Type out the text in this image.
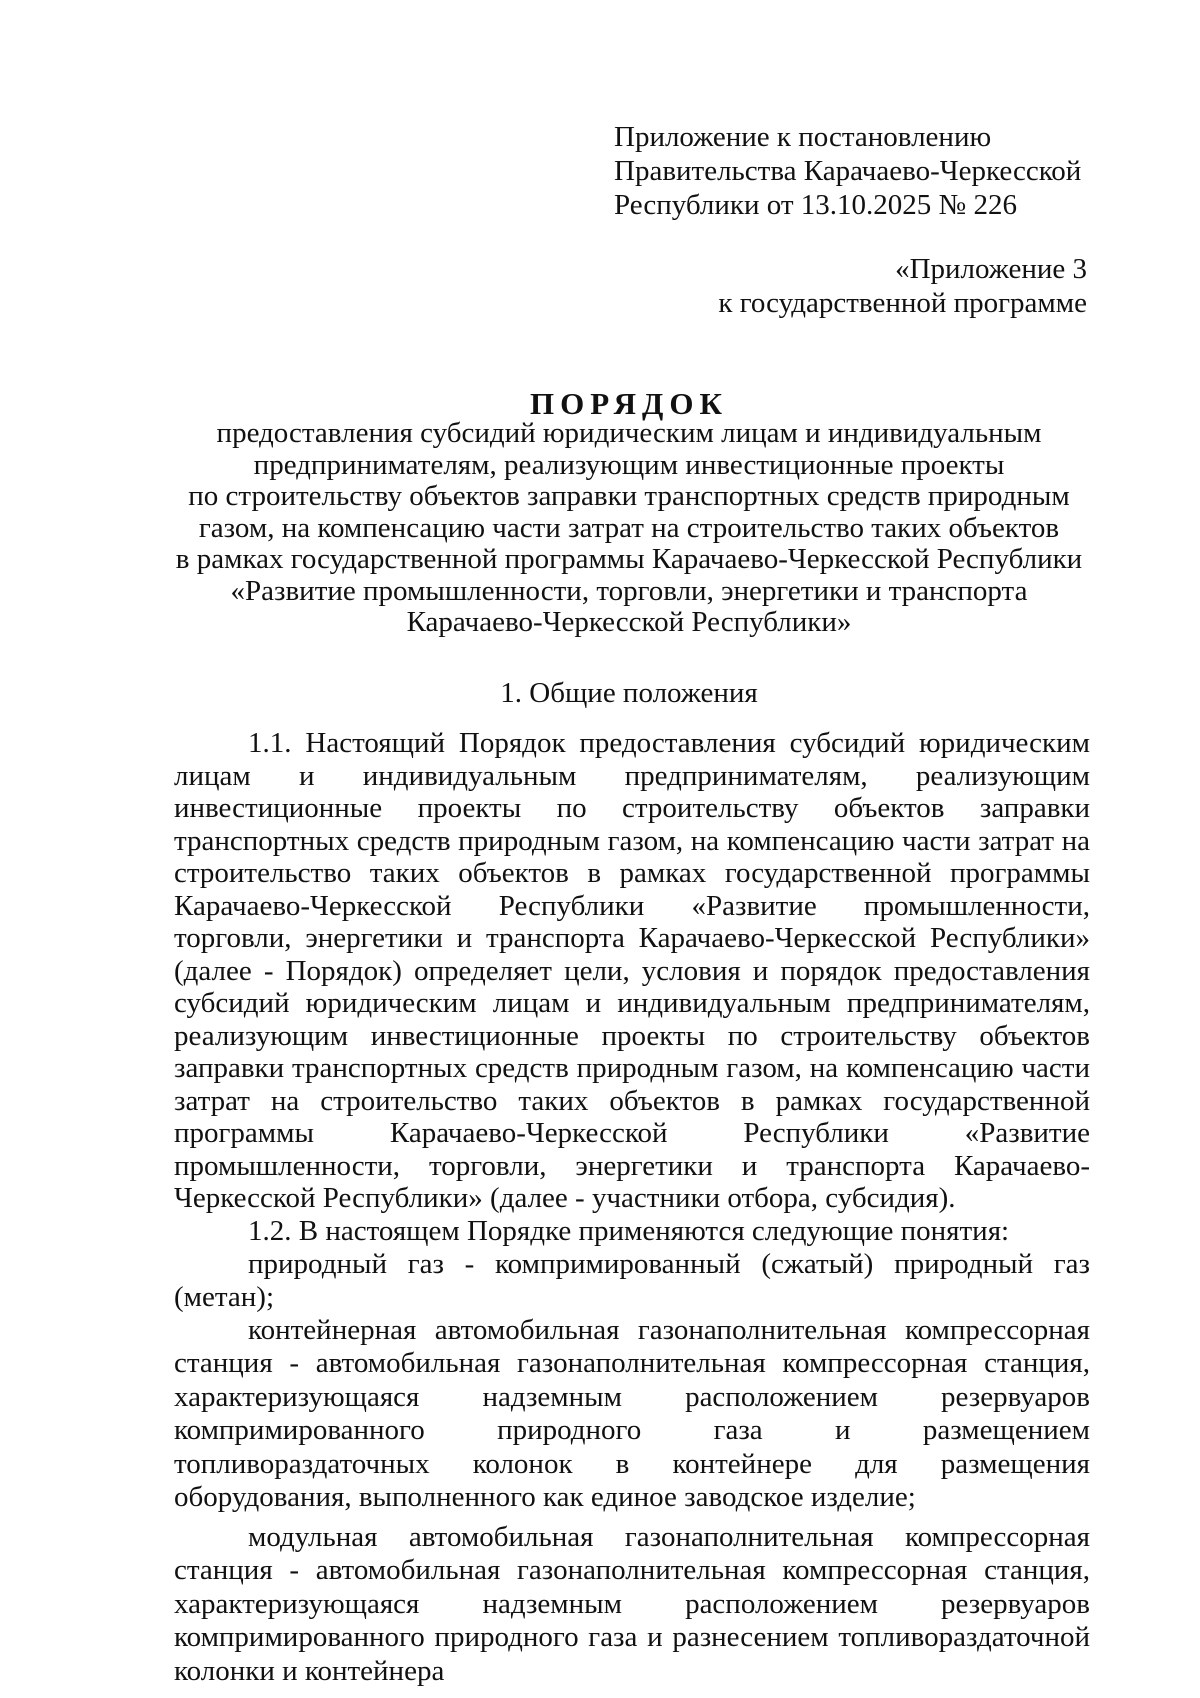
Приложение к постановлению
Правительства Карачаево-Черкесской
Республики от 13.10.2025 № 226
«Приложение 3
к государственной программе
ПОРЯДОК
предоставления субсидий юридическим лицам и индивидуальным
предпринимателям, реализующим инвестиционные проекты
по строительству объектов заправки транспортных средств природным
газом, на компенсацию части затрат на строительство таких объектов
в рамках государственной программы Карачаево-Черкесской Республики
«Развитие промышленности, торговли, энергетики и транспорта
Карачаево-Черкесской Республики»
1. Общие положения

1.1. Настоящий Порядок предоставления субсидий юридическим лицам и индивидуальным предпринимателям, реализующим инвестиционные проекты по строительству объектов заправки транспортных средств природным газом, на компенсацию части затрат на строительство таких объектов в рамках государственной программы Карачаево-Черкесской Республики «Развитие промышленности, торговли, энергетики и транспорта Карачаево-Черкесской Республики» (далее - Порядок) определяет цели, условия и порядок предоставления субсидий юридическим лицам и индивидуальным предпринимателям, реализующим инвестиционные проекты по строительству объектов заправки транспортных средств природным газом, на компенсацию части затрат на строительство таких объектов в рамках государственной программы Карачаево-Черкесской Республики «Развитие промышленности, торговли, энергетики и транспорта Карачаево-Черкесской Республики» (далее - участники отбора, субсидия).

1.2. В настоящем Порядке применяются следующие понятия:

природный газ - компримированный (сжатый) природный газ (метан);

контейнерная автомобильная газонаполнительная компрессорная станция - автомобильная газонаполнительная компрессорная станция, характеризующаяся надземным расположением резервуаров компримированного природного газа и размещением топливораздаточных колонок в контейнере для размещения оборудования, выполненного как единое заводское изделие;

модульная автомобильная газонаполнительная компрессорная станция - автомобильная газонаполнительная компрессорная станция, характеризующаяся надземным расположением резервуаров компримированного природного газа и разнесением топливораздаточной колонки и контейнера
